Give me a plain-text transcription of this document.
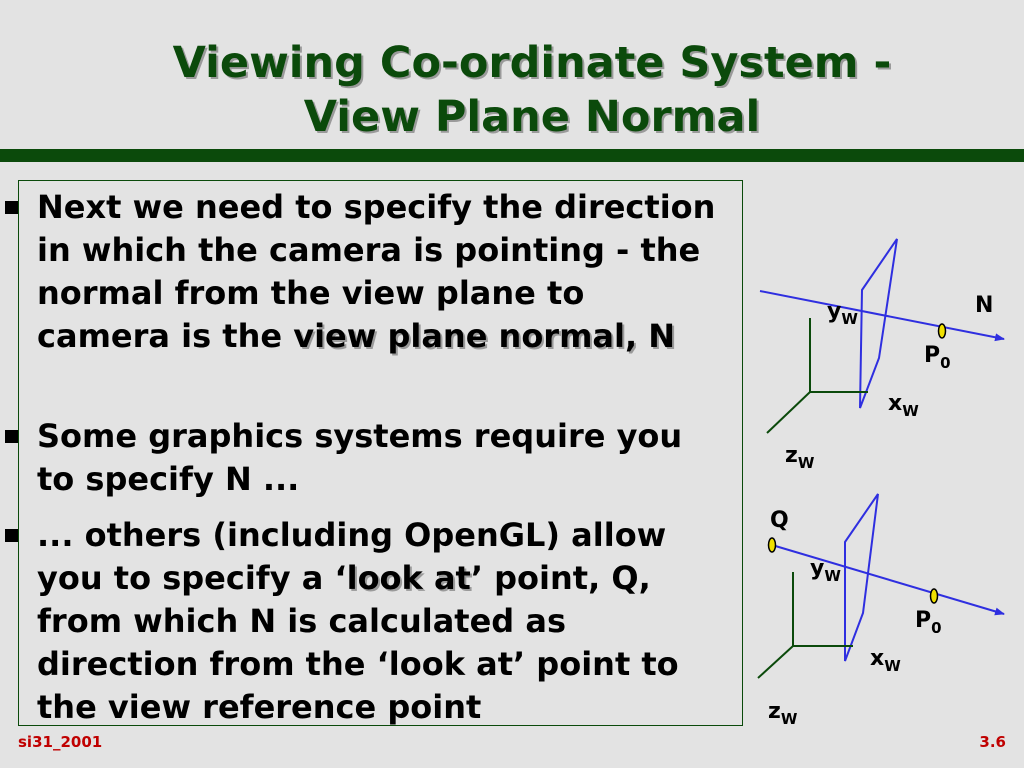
Viewing Co-ordinate System -
View Plane Normal
Next we need to specify the direction in which the camera is pointing - the normal from the view plane to camera is the view plane normal, N
Some graphics systems require you to specify N ...
... others (including OpenGL) allow you to specify a ‘look at’ point, Q, from which N is calculated as direction from the ‘look at’ point to the view reference point
$y_W$
N
$P_0$
$x_W$
$z_W$
Q
$y_W$
$P_0$
$x_W$
$z_W$
si31_2001	3.6
